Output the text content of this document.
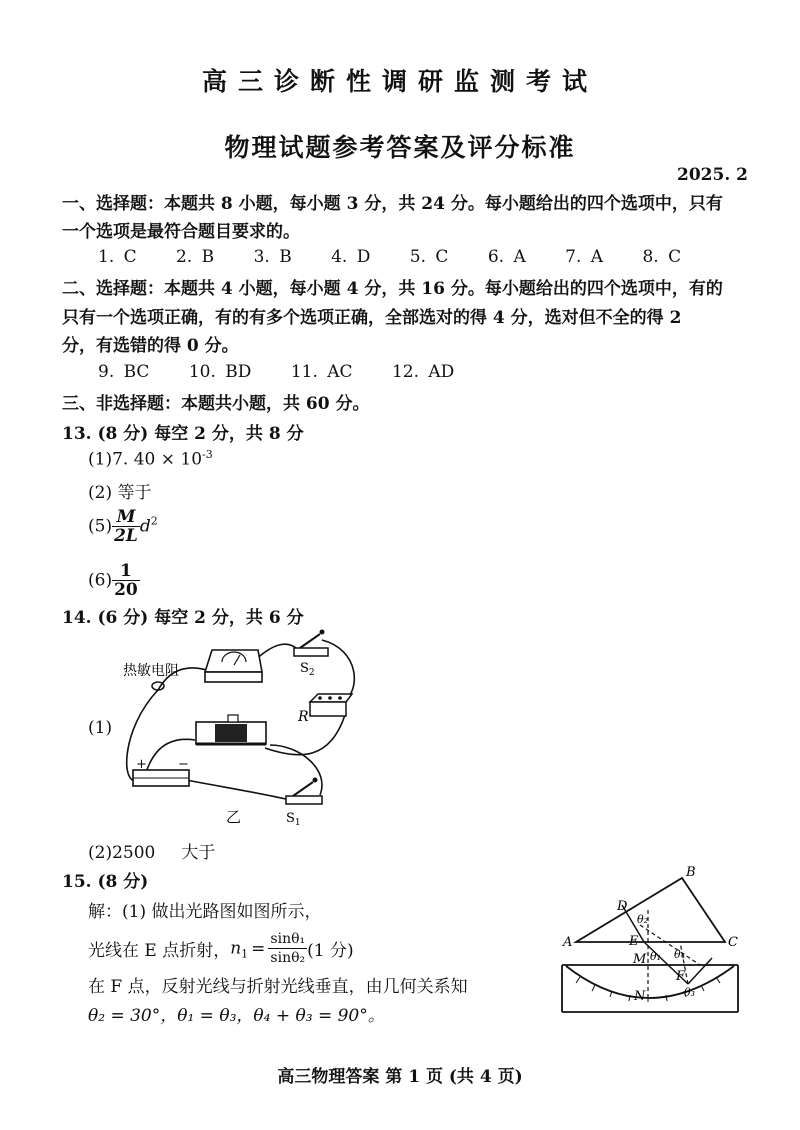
高三诊断性调研监测考试
物理试题参考答案及评分标准
2025. 2
一、选择题：本题共 8 小题，每小题 3 分，共 24 分。每小题给出的四个选项中，只有
一个选项是最符合题目要求的。
1. C 2. B 3. B 4. D 5. C 6. A 7. A 8. C
二、选择题：本题共 4 小题，每小题 4 分，共 16 分。每小题给出的四个选项中，有的
只有一个选项正确，有的有多个选项正确，全部选对的得 4 分，选对但不全的得 2
分，有选错的得 0 分。
9. BC 10. BD 11. AC 12. AD
三、非选择题：本题共小题，共 60 分。
13. (8 分) 每空 2 分，共 8 分
(1)7. $40 \times 10^{-3}$
(2) 等于
$(5) \frac{M}{2L} d^2$
$(6) \frac{1}{20}$
14. (6 分) 每空 2 分，共 6 分
(1)
热敏电阻	$S_2$
R
+ −
$S_1$
乙
(2)2500 大于
15. (8 分)
解：(1) 做出光路图如图所示，
光线在 E 点折射，$n_1 = \frac{\text{sinθ₁}}{\text{sinθ₂}} (1$ 分)
在 F 点，反射光线与折射光线垂直，由几何关系知
θ₂ = 30°，θ₁ = θ₃，θ₄ + θ₃ = 90°。
B
D
A	C
E
M
F
N
θ₂
θ₁ θ₄
θ₃
高三物理答案 第 1 页 (共 4 页)
